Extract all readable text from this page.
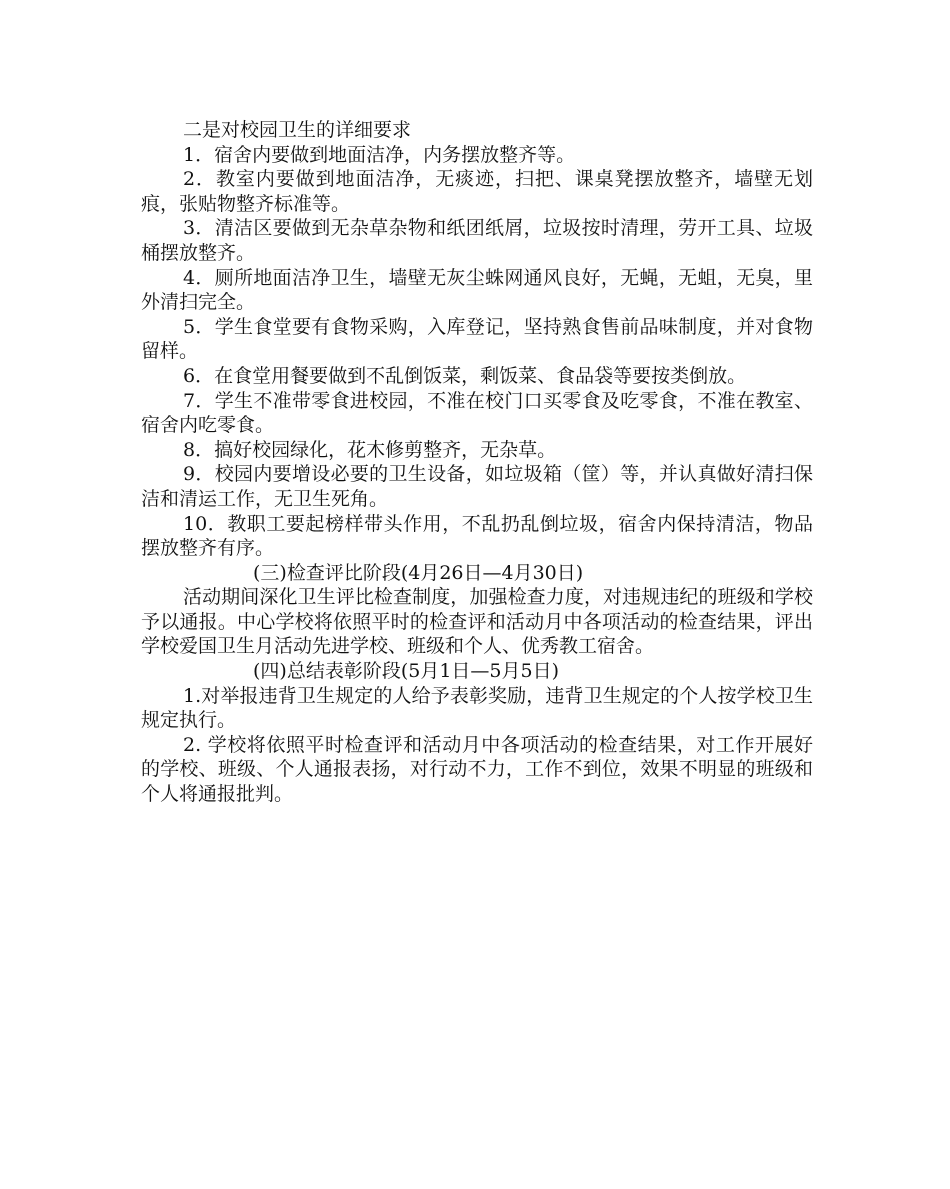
二是对校园卫生的详细要求

1．宿舍内要做到地面洁净，内务摆放整齐等。

2．教室内要做到地面洁净，无痰迹，扫把、课桌凳摆放整齐，墙壁无划痕，张贴物整齐标准等。

3．清洁区要做到无杂草杂物和纸团纸屑，垃圾按时清理，劳开工具、垃圾桶摆放整齐。

4．厕所地面洁净卫生，墙壁无灰尘蛛网通风良好，无蝇，无蛆，无臭，里外清扫完全。

5．学生食堂要有食物采购，入库登记，坚持熟食售前品味制度，并对食物留样。

6．在食堂用餐要做到不乱倒饭菜，剩饭菜、食品袋等要按类倒放。

7．学生不准带零食进校园，不准在校门口买零食及吃零食，不准在教室、宿舍内吃零食。

8．搞好校园绿化，花木修剪整齐，无杂草。

9．校园内要增设必要的卫生设备，如垃圾箱（筐）等，并认真做好清扫保洁和清运工作，无卫生死角。

10．教职工要起榜样带头作用，不乱扔乱倒垃圾，宿舍内保持清洁，物品摆放整齐有序。

(三)检查评比阶段(4月26日—4月30日)

活动期间深化卫生评比检查制度，加强检查力度，对违规违纪的班级和学校予以通报。中心学校将依照平时的检查评和活动月中各项活动的检查结果，评出学校爱国卫生月活动先进学校、班级和个人、优秀教工宿舍。

(四)总结表彰阶段(5月1日—5月5日)

1.对举报违背卫生规定的人给予表彰奖励，违背卫生规定的个人按学校卫生规定执行。

2. 学校将依照平时检查评和活动月中各项活动的检查结果，对工作开展好的学校、班级、个人通报表扬，对行动不力，工作不到位，效果不明显的班级和个人将通报批判。
